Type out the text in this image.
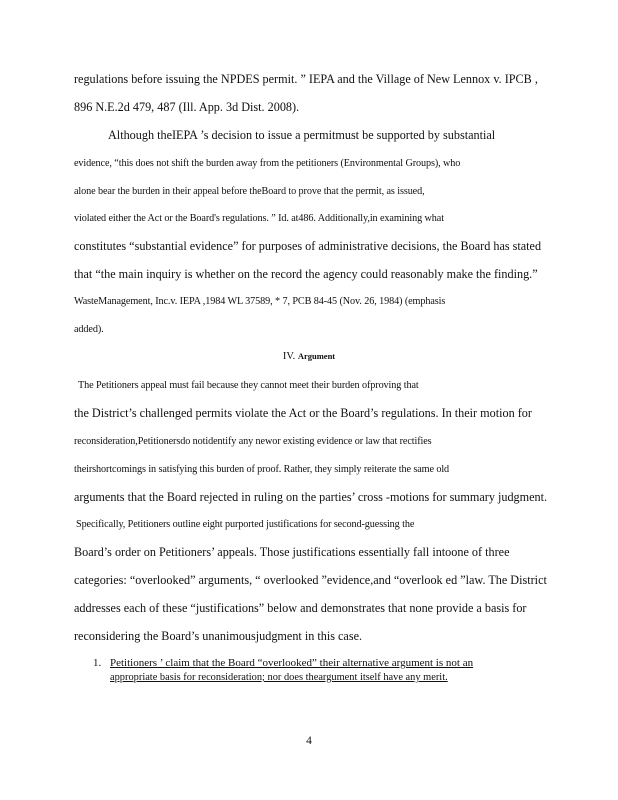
regulations before issuing the NPDES permit. ” IEPA and the Village of New Lennox v. IPCB ,
896 N.E.2d 479, 487 (Ill. App. 3d Dist. 2008).
Although theIEPA ’s decision to issue a permitmust be supported by substantial
evidence, “this does not shift the burden away from the petitioners (Environmental Groups), who
alone bear the burden in their appeal before theBoard to prove that the permit, as issued,
violated either the Act or the Board's regulations. ” Id. at486. Additionally,in examining what
constitutes “substantial evidence” for purposes of administrative decisions, the Board has stated
that “the main inquiry is whether on the record the agency could reasonably make the finding.”
WasteManagement, Inc.v. IEPA ,1984 WL 37589, * 7, PCB 84-45 (Nov. 26, 1984) (emphasis
added).
IV. Argument
The Petitioners appeal must fail because they cannot meet their burden ofproving that
the District’s challenged permits violate the Act or the Board’s regulations. In their motion for
reconsideration,Petitionersdo notidentify any newor existing evidence or law that rectifies
theirshortcomings in satisfying this burden of proof. Rather, they simply reiterate the same old
arguments that the Board rejected in ruling on the parties’ cross -motions for summary judgment.
Specifically, Petitioners outline eight purported justifications for second-guessing the
Board’s order on Petitioners’ appeals. Those justifications essentially fall intoone of three
categories: “overlooked” arguments, “ overlooked ”evidence,and “overlook ed ”law. The District
addresses each of these “justifications” below and demonstrates that none provide a basis for
reconsidering the Board’s unanimousjudgment in this case.
1. Petitioners ’ claim that the Board “overlooked” their alternative argument is not an
appropriate basis for reconsideration; nor does theargument itself have any merit.
4
